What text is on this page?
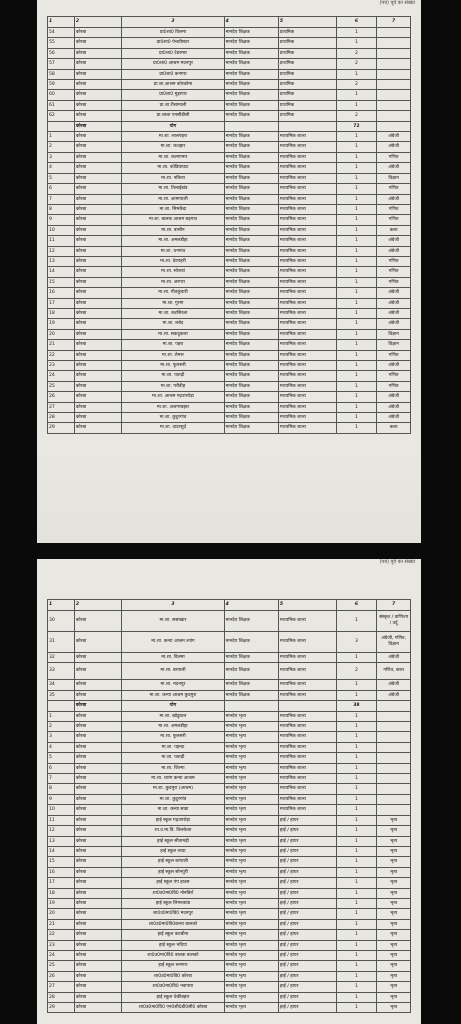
(पत्र) पूर्व का संख्या
1	2	3	4	5	6	7
54	कोरबा	प्रा0शा0 विलमा	मानदेय शिक्षक	प्राथमिक	1	
55	कोरबा	प्रा0शा0 पेन्डरीसटर	मानदेय शिक्षक	प्राथमिक	1	
56	कोरबा	प्रा0शा0 टेडरमार	मानदेय शिक्षक	प्राथमिक	2	
57	कोरबा	प्रा0शा0 आश्रम मदनपुर	मानदेय शिक्षक	प्राथमिक	2	
58	कोरबा	प्रा0शा0 कनगरा	मानदेय शिक्षक	प्राथमिक	1	
59	कोरबा	प्रा.शा.आश्रम कोरकोमा	मानदेय शिक्षक	प्राथमिक	2	
60	कोरबा	प्रा0शा0 मुड़ापार	मानदेय शिक्षक	प्राथमिक	1	
61	कोरबा	प्रा.शा.रीसामाली	मानदेय शिक्षक	प्राथमिक	1	
62	कोरबा	प्रा.शाला एनसीडीसी	मानदेय शिक्षक	प्राथमिक	2	
	कोरबा	योग			72	
1	कोरबा	मा.शा. लालपहरा	मानदेय शिक्षक	माध्यमिक शाला	1	अंग्रेजी
2	कोरबा	मा.शा. कचहार	मानदेय शिक्षक	माध्यमिक शाला	1	अंग्रेजी
3	कोरबा	मा.शा. कलगामार	मानदेय शिक्षक	माध्यमिक शाला	1	गणित
4	कोरबा	मा.शा. कोडियाघाट	मानदेय शिक्षक	माध्यमिक शाला	1	अंग्रेजी
5	कोरबा	मा.शा. नकिया	मानदेय शिक्षक	माध्यमिक शाला	1	विज्ञान
6	कोरबा	मा.शा. तिलाईडांड	मानदेय शिक्षक	माध्यमिक शाला	1	गणित
7	कोरबा	मा.शा. आमापाली	मानदेय शिक्षक	माध्यमिक शाला	1	अंग्रेजी
8	कोरबा	मा.शा. सिमकेंदा	मानदेय शिक्षक	माध्यमिक शाला	1	गणित
9	कोरबा	मा.शा. बालक आश्रम बढ़गाव	मानदेय शिक्षक	माध्यमिक शाला	1	गणित
10	कोरबा	मा.शा. बासीन	मानदेय शिक्षक	माध्यमिक शाला	1	कला
11	कोरबा	मा.शा. अमलडीहा	मानदेय शिक्षक	माध्यमिक शाला	1	अंग्रेजी
12	कोरबा	मा.शा. धनगांव	मानदेय शिक्षक	माध्यमिक शाला	1	अंग्रेजी
13	कोरबा	मा.शा. देवपहरी	मानदेय शिक्षक	माध्यमिक शाला	1	गणित
14	कोरबा	मा.शा. सोलवां	मानदेय शिक्षक	माध्यमिक शाला	1	गणित
15	कोरबा	मा.शा. अरगरा	मानदेय शिक्षक	माध्यमिक शाला	1	गणित
16	कोरबा	मा.शा. गीतकुंवारी	मानदेय शिक्षक	माध्यमिक शाला	1	अंग्रेजी
17	कोरबा	मा.शा. गुरमा	मानदेय शिक्षक	माध्यमिक शाला	1	अंग्रेजी
18	कोरबा	मा.शा. कटसिरला	मानदेय शिक्षक	माध्यमिक शाला	1	अंग्रेजी
19	कोरबा	मा.शा. लबेद	मानदेय शिक्षक	माध्यमिक शाला	1	अंग्रेजी
20	कोरबा	मा.शा. सकदुकला	मानदेय शिक्षक	माध्यमिक शाला	1	विज्ञान
21	कोरबा	मा.शा. पहरा	मानदेय शिक्षक	माध्यमिक शाला	1	विज्ञान
22	कोरबा	मा.शा. लेमरू	मानदेय शिक्षक	माध्यमिक शाला	1	गणित
23	कोरबा	मा.शा. फूलसरी	मानदेय शिक्षक	माध्यमिक शाला	1	अंग्रेजी
24	कोरबा	मा.शा. पताढ़ी	मानदेय शिक्षक	माध्यमिक शाला	1	गणित
25	कोरबा	मा.शा. परीडीह	मानदेय शिक्षक	माध्यमिक शाला	1	गणित
26	कोरबा	मा.शा. आश्रम गढ़उपरोड़ा	मानदेय शिक्षक	माध्यमिक शाला	1	अंग्रेजी
27	कोरबा	मा.शा. अजगरबहार	मानदेय शिक्षक	माध्यमिक शाला	1	अंग्रेजी
28	कोरबा	मा.शा. कुटुरगांव	मानदेय शिक्षक	माध्यमिक शाला	1	अंग्रेजी
29	कोरबा	मा.शा. दादरसुर्द	मानदेय शिक्षक	माध्यमिक शाला	1	कला
(पत्र) पूर्व का संख्या
1	2	3	4	5	6	7
30	कोरबा	मा.शा. ससाखार	मानदेय शिक्षक	माध्यमिक शाला	1	संस्कृत / वाणिज्य / उर्दू
31	कोरबा	मा.शा. कन्या आश्रम श्यांग	मानदेय शिक्षक	माध्यमिक शाला	3	अंग्रेजी, गणित, विज्ञान
32	कोरबा	मा.शा. विलमा	मानदेय शिक्षक	माध्यमिक शाला	1	अंग्रेजी
33	कोरबा	मा.शा. बरपाली	मानदेय शिक्षक	माध्यमिक शाला	2	गणित, कला
34	कोरबा	मा.शा. मदनपुर	मानदेय शिक्षक	माध्यमिक शाला	1	अंग्रेजी
35	कोरबा	मा.शा. कन्या आश्रम कुदमुरा	मानदेय शिक्षक	माध्यमिक शाला	1	अंग्रेजी
	कोरबा	योग			38	
1	कोरबा	मा.शा. खोडुवाल	मानदेय भृत्य	माध्यमिक शाला	1	
2	कोरबा	मा.शा. अमलडीहा	मानदेय भृत्य	माध्यमिक शाला	1	
3	कोरबा	मा.शा. फुलसरी	मानदेय भृत्य	माध्यमिक शाला	1	
4	कोरबा	मा.शा. पहन्दा	मानदेय भृत्य	माध्यमिक शाला	1	
5	कोरबा	मा.शा. पताढ़ी	मानदेय भृत्य	माध्यमिक शाला	1	
6	कोरबा	मा.शा. जिल्गा	मानदेय भृत्य	माध्यमिक शाला	1	
7	कोरबा	मा.शा. श्यांग कन्या आश्रम	मानदेय भृत्य	माध्यमिक शाला	1	
8	कोरबा	मा.शा. कुदमुरा (आश्रम)	मानदेय भृत्य	माध्यमिक शाला	1	
9	कोरबा	मा.शा. कुटुरगांव	मानदेय भृत्य	माध्यमिक शाला	1	
10	कोरबा	मा.शा. कन्या साडा	मानदेय भृत्य	माध्यमिक शाला	1	
11	कोरबा	हाई स्कूल गढ़उपरोड़ा	मानदेय भृत्य	हाई / हायर	1	भृत्य
12	कोरबा	शा.उ.मा.वि. तिलकेजा	मानदेय भृत्य	हाई / हायर	1	भृत्य
13	कोरबा	हाई स्कूल सीतामढ़ी	मानदेय भृत्य	हाई / हायर	1	भृत्य
14	कोरबा	हाई स्कूल तरदा	मानदेय भृत्य	हाई / हायर	1	भृत्य
15	कोरबा	हाई स्कूल बरपाली	मानदेय भृत्य	हाई / हायर	1	भृत्य
16	कोरबा	हाई स्कूल सोनपुरी	मानदेय भृत्य	हाई / हायर	1	भृत्य
17	कोरबा	हाई स्कूल पंप हाउस	मानदेय भृत्य	हाई / हायर	1	भृत्य
18	कोरबा	शा0उ0मा0वि0 नोनबिर्रा	मानदेय भृत्य	हाई / हायर	1	भृत्य
19	कोरबा	हाई स्कूल लिमरुकांड	मानदेय भृत्य	हाई / हायर	1	भृत्य
20	कोरबा	शा0उ0मा0वि0 मदनपुर	मानदेय भृत्य	हाई / हायर	1	भृत्य
21	कोरबा	शा0उ0मा0वि0कन्या बालको	मानदेय भृत्य	हाई / हायर	1	भृत्य
22	कोरबा	हाई स्कूल कटबीना	मानदेय भृत्य	हाई / हायर	1	भृत्य
23	कोरबा	हाई स्कूल भदिया	मानदेय भृत्य	हाई / हायर	1	भृत्य
24	कोरबा	शा0उ0मा0वि0 बालक बालको	मानदेय भृत्य	हाई / हायर	1	भृत्य
25	कोरबा	हाई स्कूल रूमगरा	मानदेय भृत्य	हाई / हायर	1	भृत्य
26	कोरबा	शा0उ0मा0वि0 कोरबा	मानदेय भृत्य	हाई / हायर	1	भृत्य
27	कोरबा	शा0उ0मा0वि0 नवापारा	मानदेय भृत्य	हाई / हायर	1	भृत्य
28	कोरबा	हाई स्कूल चेकीबहार	मानदेय भृत्य	हाई / हायर	1	भृत्य
29	कोरबा	शा0उ0मा0वि0 एन0सी0डी0सी0 कोरबा	मानदेय भृत्य	हाई / हायर	1	भृत्य
